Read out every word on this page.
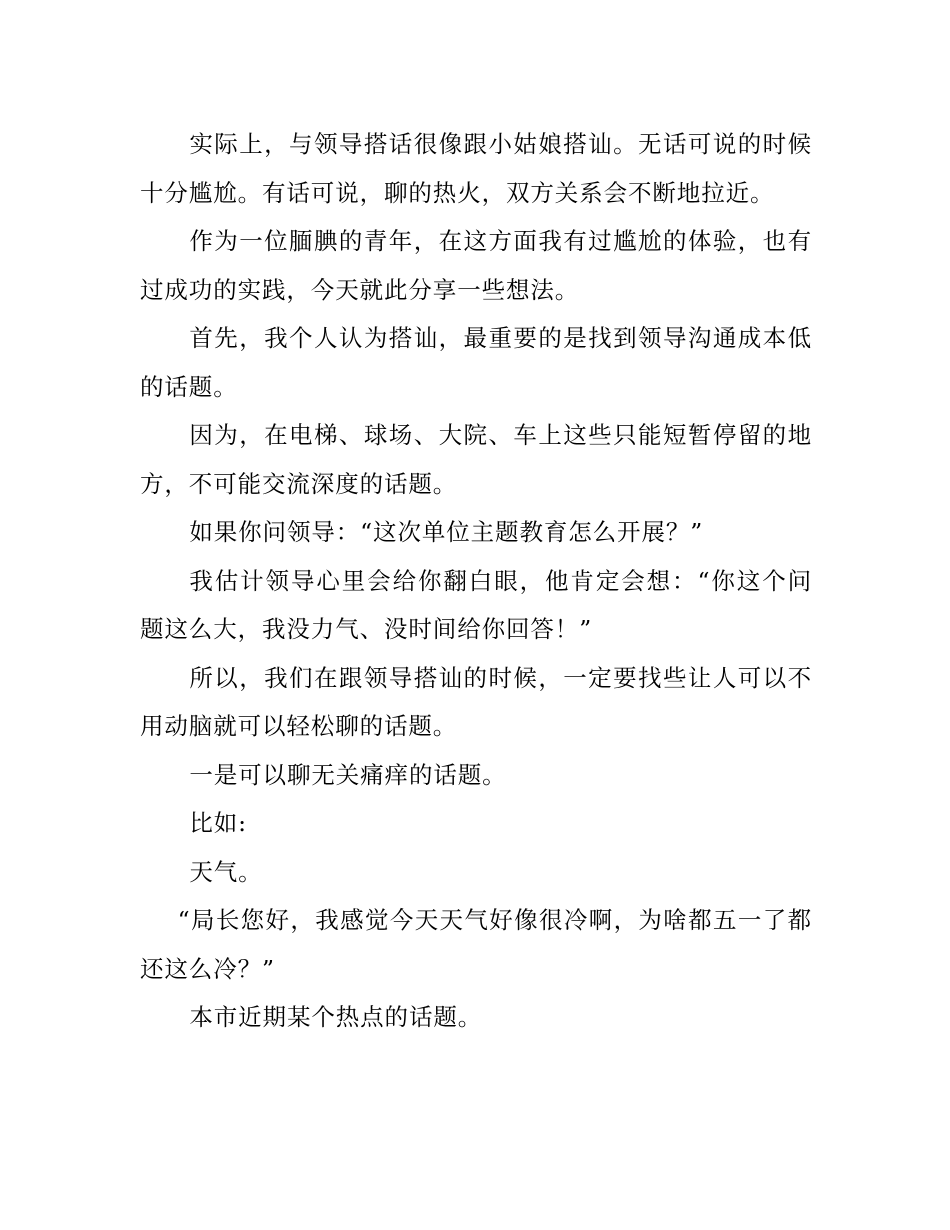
实际上，与领导搭话很像跟小姑娘搭讪。无话可说的时候十分尴尬。有话可说，聊的热火，双方关系会不断地拉近。

作为一位腼腆的青年，在这方面我有过尴尬的体验，也有过成功的实践，今天就此分享一些想法。

首先，我个人认为搭讪，最重要的是找到领导沟通成本低的话题。

因为，在电梯、球场、大院、车上这些只能短暂停留的地方，不可能交流深度的话题。

如果你问领导：“这次单位主题教育怎么开展？”

我估计领导心里会给你翻白眼，他肯定会想：“你这个问题这么大，我没力气、没时间给你回答！”

所以，我们在跟领导搭讪的时候，一定要找些让人可以不用动脑就可以轻松聊的话题。

一是可以聊无关痛痒的话题。

比如:

天气。

“局长您好，我感觉今天天气好像很冷啊，为啥都五一了都还这么冷？”

本市近期某个热点的话题。
